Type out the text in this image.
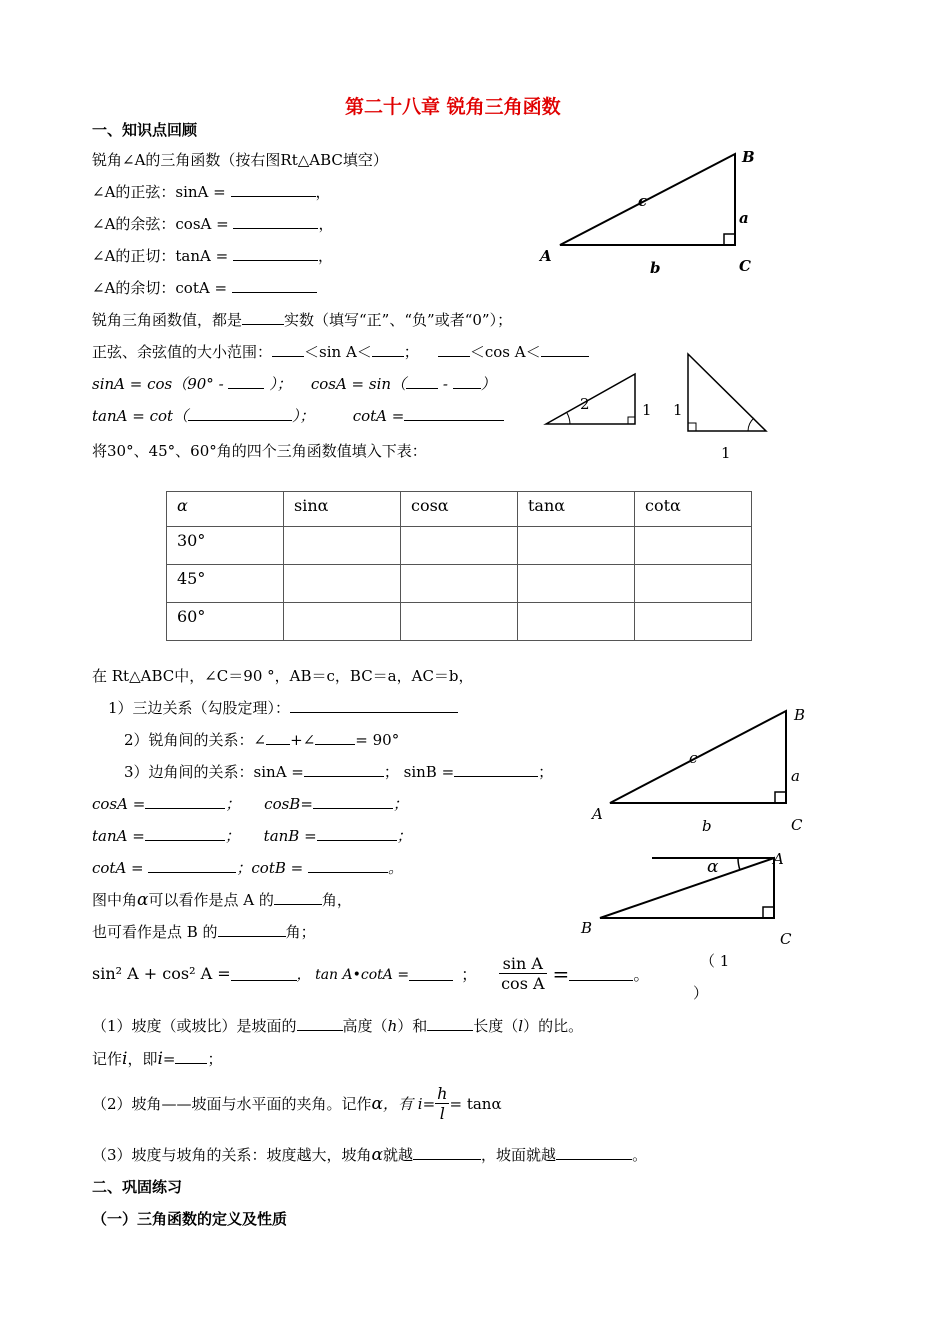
第二十八章 锐角三角函数
一、知识点回顾
锐角∠A的三角函数（按右图Rt△ABC填空）
∠A的正弦：sinA =	，
∠A的余弦：cosA =	，
∠A的正切：tanA =	，
∠A的余切：cotA =
锐角三角函数值，都是	实数（填写“正”、“负”或者“0”）；
正弦、余弦值的大小范围： ＜sin A＜ ；	＜cos A＜
sinA = cos（90° -	）； cosA = sin（ - ）
tanA = cot（	）；	cotA =
将30°、45°、60°角的四个三角函数值填入下表：
α	sinα	cosα	tanα	cotα
30°				
45°				
60°				
在 Rt△ABC中，∠C＝90 °，AB＝c，BC＝a，AC＝b，
1）三边关系（勾股定理）：
2）锐角间的关系：∠ +∠	= 90°
3）边角间的关系：sinA =	； sinB =	；
cosA =	； cosB=	；
tanA =	； tanB =	；
cotA =	；cotB =	。
图中角α可以看作是点 A 的	角，
也可看作是点 B 的	角；
sin² A + cos² A =	， tan A•cotA =	； $\frac{\text{sin A}}{\text{cos A}}$ =	。
（ 1
）
（1）坡度（或坡比）是坡面的	高度（h）和	长度（l）的比。
记作i，即i= ；
（2）坡角——坡面与水平面的夹角。记作α，有 $i= \frac{h}{l} = \tan\alpha$
（3）坡度与坡角的关系：坡度越大，坡角α就越	，坡面就越	。
二、巩固练习
（一）三角函数的定义及性质
B
c
a
A
b	C
2	1 1
1
B
c
a
A
b	C
α	A
B
C
